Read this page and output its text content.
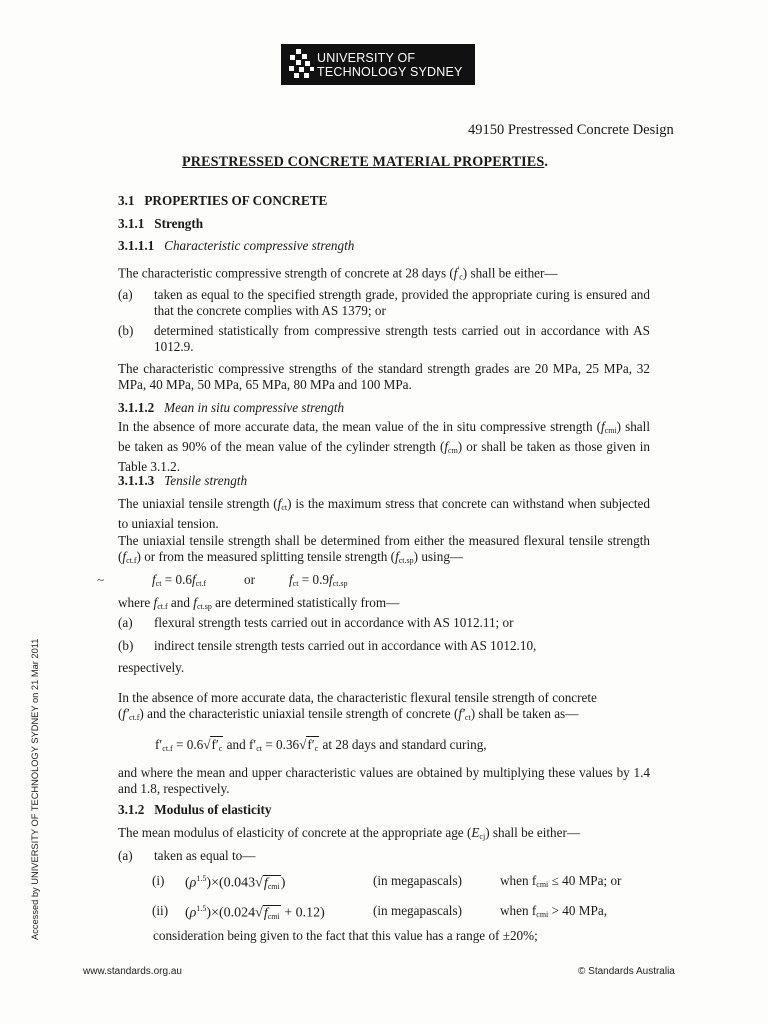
UNIVERSITY OF
TECHNOLOGY SYDNEY
49150 Prestressed Concrete Design
PRESTRESSED CONCRETE MATERIAL PROPERTIES.
3.1 PROPERTIES OF CONCRETE
3.1.1 Strength
3.1.1.1 Characteristic compressive strength
The characteristic compressive strength of concrete at 28 days $(f'_c)$ shall be either—
(a) taken as equal to the specified strength grade, provided the appropriate curing is ensured and that the concrete complies with AS 1379; or
(b) determined statistically from compressive strength tests carried out in accordance with AS 1012.9.
The characteristic compressive strengths of the standard strength grades are 20 MPa, 25 MPa, 32 MPa, 40 MPa, 50 MPa, 65 MPa, 80 MPa and 100 MPa.
3.1.1.2 Mean in situ compressive strength
In the absence of more accurate data, the mean value of the in situ compressive strength $(f_{cmi})$ shall be taken as 90% of the mean value of the cylinder strength $(f_{cm})$ or shall be taken as those given in Table 3.1.2.
3.1.1.3 Tensile strength
The uniaxial tensile strength $(f_{ct})$ is the maximum stress that concrete can withstand when subjected to uniaxial tension.
The uniaxial tensile strength shall be determined from either the measured flexural tensile strength $(f_{ct.f})$ or from the measured splitting tensile strength $(f_{ct.sp})$ using—
~	$f_{ct} = 0.6f_{ct.f}$	or	$f_{ct} = 0.9f_{ct.sp}$
where $f_{ct.f}$ and $f_{ct.sp}$ are determined statistically from—
(a) flexural strength tests carried out in accordance with AS 1012.11; or
(b) indirect tensile strength tests carried out in accordance with AS 1012.10,
respectively.
In the absence of more accurate data, the characteristic flexural tensile strength of concrete
$(f'_{ct.f})$ and the characteristic uniaxial tensile strength of concrete $(f'_{ct})$ shall be taken as—
$f'_{ct.f} = 0.6√f'_c$ and $f'_{ct} = 0.36√f'_c$ at 28 days and standard curing,
and where the mean and upper characteristic values are obtained by multiplying these values by 1.4 and 1.8, respectively.
3.1.2 Modulus of elasticity
The mean modulus of elasticity of concrete at the appropriate age $(E_{cj})$ shall be either—
(a) taken as equal to—
(i) $(\rho^{1.5})\times(0.043√f_{cmi})$	(in megapascals)	when $f_{cmi} \le 40$ MPa; or
(ii) $(\rho^{1.5})\times(0.024√f_{cmi} + 0.12)$	(in megapascals)	when $f_{cmi} > 40$ MPa,
consideration being given to the fact that this value has a range of ±20%;
Accessed by UNIVERSITY OF TECHNOLOGY SYDNEY on 21 Mar 2011
www.standards.org.au	© Standards Australia
